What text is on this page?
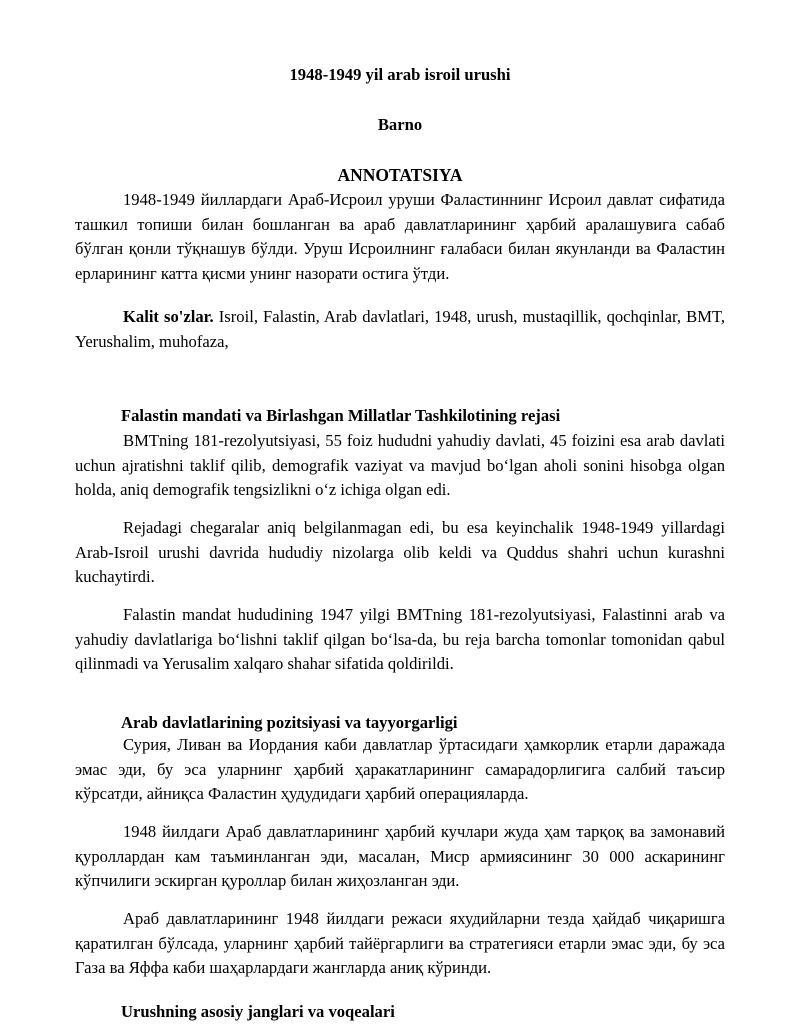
1948-1949 yil arab isroil urushi
Barno
ANNOTATSIYA

1948-1949 йиллардаги Араб-Исроил уруши Фаластиннинг Исроил давлат сифатида ташкил топиши билан бошланган ва араб давлатларининг ҳарбий аралашувига сабаб бўлган қонли тўқнашув бўлди. Уруш Исроилнинг ғалабаси билан якунланди ва Фаластин ерларининг катта қисми унинг назорати остига ўтди.

Kalit so'zlar. Isroil, Falastin, Arab davlatlari, 1948, urush, mustaqillik, qochqinlar, BMT, Yerushalim, muhofaza,

Falastin mandati va Birlashgan Millatlar Tashkilotining rejasi

BMTning 181-rezolyutsiyasi, 55 foiz hududni yahudiy davlati, 45 foizini esa arab davlati uchun ajratishni taklif qilib, demografik vaziyat va mavjud bo‘lgan aholi sonini hisobga olgan holda, aniq demografik tengsizlikni o‘z ichiga olgan edi.

Rejadagi chegaralar aniq belgilanmagan edi, bu esa keyinchalik 1948-1949 yillardagi Arab-Isroil urushi davrida hududiy nizolarga olib keldi va Quddus shahri uchun kurashni kuchaytirdi.

Falastin mandat hududining 1947 yilgi BMTning 181-rezolyutsiyasi, Falastinni arab va yahudiy davlatlariga bo‘lishni taklif qilgan bo‘lsa-da, bu reja barcha tomonlar tomonidan qabul qilinmadi va Yerusalim xalqaro shahar sifatida qoldirildi.

Arab davlatlarining pozitsiyasi va tayyorgarligi

Сурия, Ливан ва Иордания каби давлатлар ўртасидаги ҳамкорлик етарли даражада эмас эди, бу эса уларнинг ҳарбий ҳаракатларининг самарадорлигига салбий таъсир кўрсатди, айниқса Фаластин ҳудудидаги ҳарбий операцияларда.

1948 йилдаги Араб давлатларининг ҳарбий кучлари жуда ҳам тарқоқ ва замонавий қуроллардан кам таъминланган эди, масалан, Миср армиясининг 30 000 аскарининг кўпчилиги эскирган қуроллар билан жиҳозланган эди.

Араб давлатларининг 1948 йилдаги режаси яхудийларни тезда ҳайдаб чиқаришга қаратилган бўлсада, уларнинг ҳарбий тайёргарлиги ва стратегияси етарли эмас эди, бу эса Газа ва Яффа каби шаҳарлардаги жангларда аниқ кўринди.

Urushning asosiy janglari va voqealari
